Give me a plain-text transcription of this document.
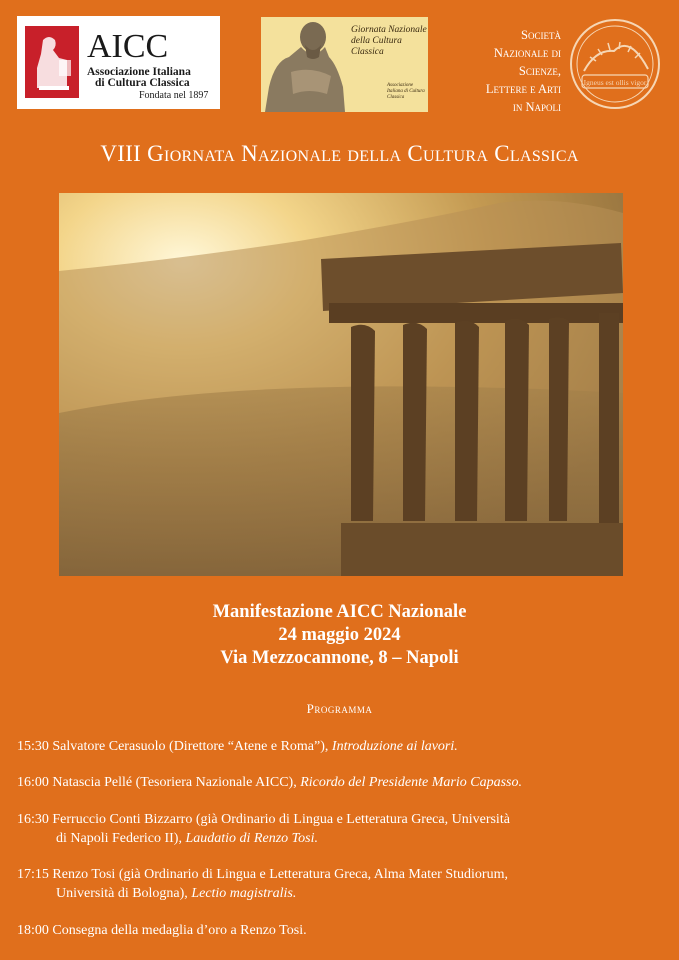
AICC
Associazione Italiana
di Cultura Classica
Fondata nel 1897
Giornata Nazionale della Cultura Classica
Associazione Italiana di Cultura Classica
Società
Nazionale di
Scienze,
Lettere e Arti
in Napoli
Igneus est ollis vigor
VIII Giornata Nazionale della Cultura Classica
Manifestazione AICC Nazionale
24 maggio 2024
Via Mezzocannone, 8 – Napoli
Programma
15:30 Salvatore Cerasuolo (Direttore “Atene e Roma”), Introduzione ai lavori.
16:00 Natascia Pellé (Tesoriera Nazionale AICC), Ricordo del Presidente Mario Capasso.
16:30 Ferruccio Conti Bizzarro (già Ordinario di Lingua e Letteratura Greca, Università
di Napoli Federico II), Laudatio di Renzo Tosi.
17:15 Renzo Tosi (già Ordinario di Lingua e Letteratura Greca, Alma Mater Studiorum,
Università di Bologna), Lectio magistralis.
18:00 Consegna della medaglia d’oro a Renzo Tosi.
